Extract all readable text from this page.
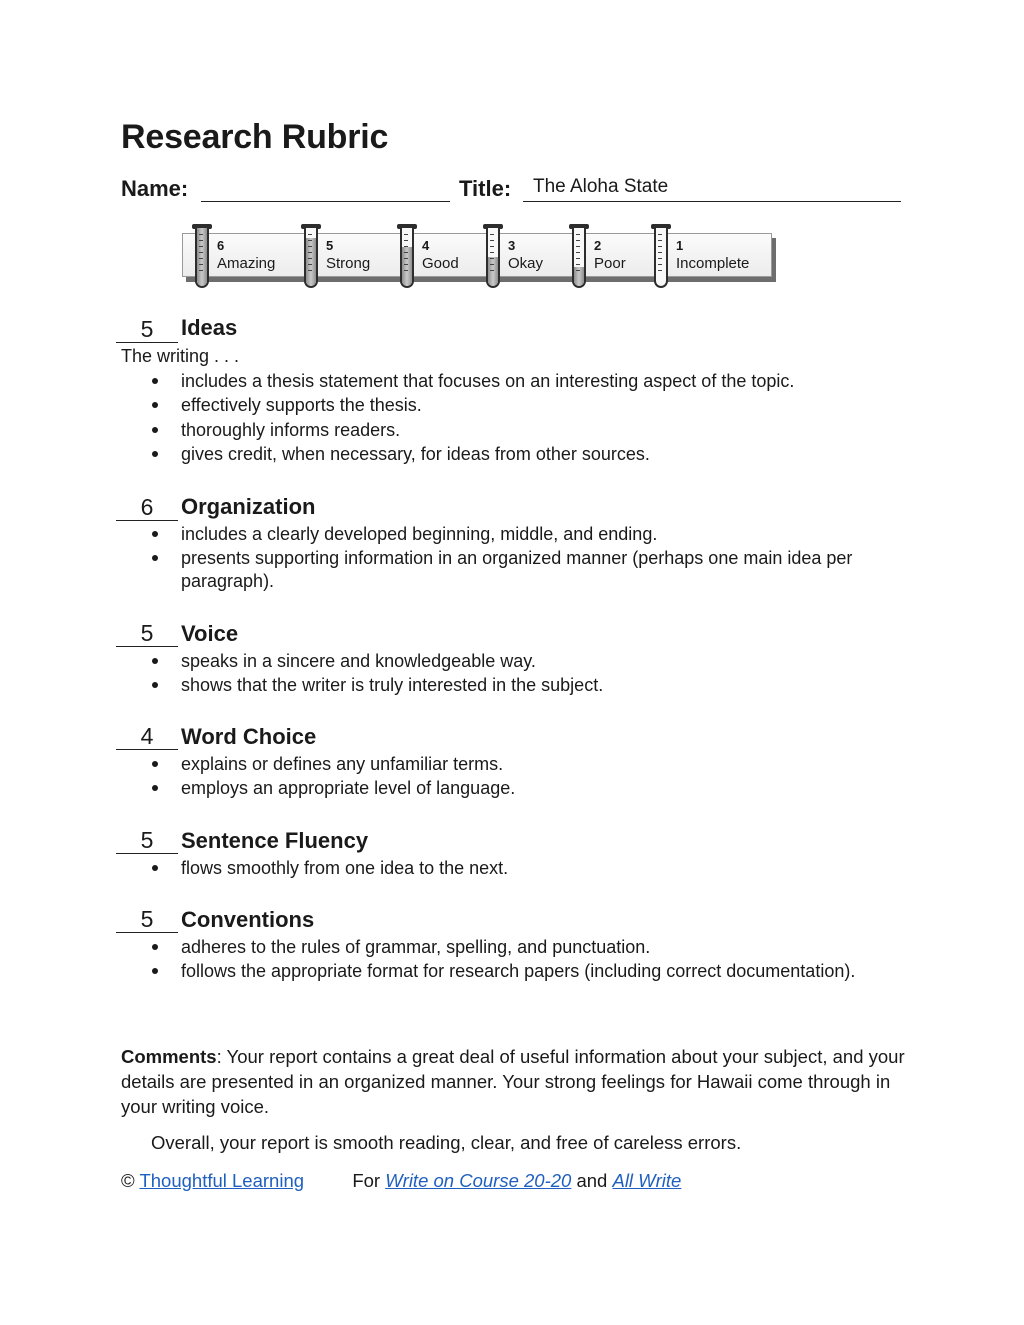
Research Rubric
Name:	Title: The Aloha State
6
Amazing
5
Strong
4
Good
3
Okay
2
Poor
1
Incomplete
5	Ideas
The writing . . .
includes a thesis statement that focuses on an interesting aspect of the topic.
effectively supports the thesis.
thoroughly informs readers.
gives credit, when necessary, for ideas from other sources.
6	Organization
includes a clearly developed beginning, middle, and ending.
presents supporting information in an organized manner (perhaps one main idea per paragraph).
5	Voice
speaks in a sincere and knowledgeable way.
shows that the writer is truly interested in the subject.
4	Word Choice
explains or defines any unfamiliar terms.
employs an appropriate level of language.
5	Sentence Fluency
flows smoothly from one idea to the next.
5	Conventions
adheres to the rules of grammar, spelling, and punctuation.
follows the appropriate format for research papers (including correct documentation).

Comments: Your report contains a great deal of useful information about your subject, and your details are presented in an organized manner. Your strong feelings for Hawaii come through in your writing voice.

Overall, your report is smooth reading, clear, and free of careless errors.

© Thoughtful Learning	For Write on Course 20-20 and All Write
